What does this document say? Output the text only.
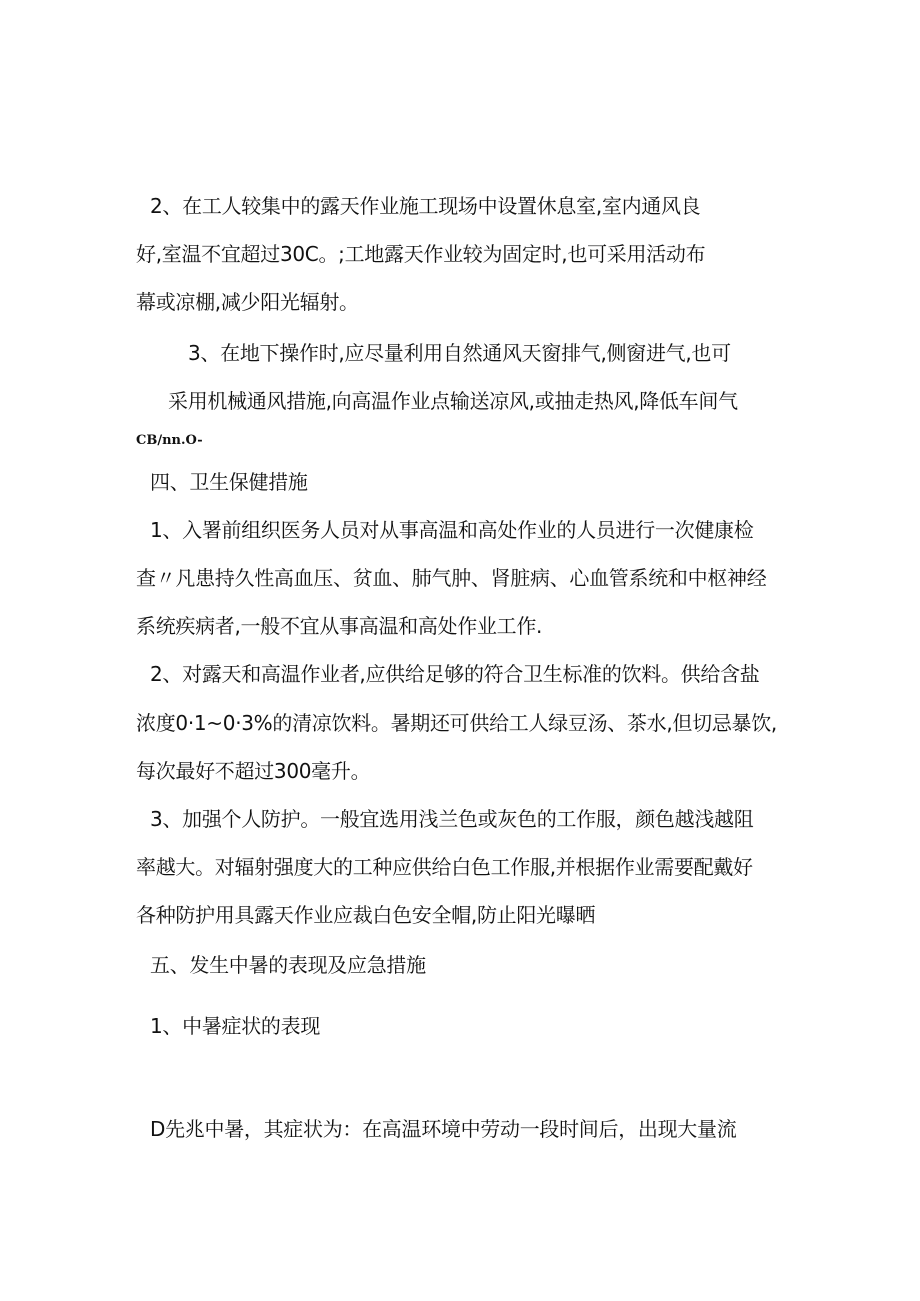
2、在工人较集中的露天作业施工现场中设置休息室,室内通风良
好,室温不宜超过30C。;工地露天作业较为固定时,也可采用活动布
幕或凉棚,减少阳光辐射。
3、在地下操作时,应尽量利用自然通风天窗排气,侧窗进气,也可
采用机械通风措施,向高温作业点输送凉风,或抽走热风,降低车间气
CB∕nn.O-
四、卫生保健措施
1、入署前组织医务人员对从事高温和高处作业的人员进行一次健康检
查〃凡患持久性高血压、贫血、肺气肿、肾脏病、心血管系统和中枢神经
系统疾病者,一般不宜从事高温和高处作业工作.
2、对露天和高温作业者,应供给足够的符合卫生标准的饮料。供给含盐
浓度0·1~0·3%的清凉饮料。暑期还可供给工人绿豆汤、茶水,但切忌暴饮,
每次最好不超过300毫升。
3、加强个人防护。一般宜选用浅兰色或灰色的工作服，颜色越浅越阻
率越大。对辐射强度大的工种应供给白色工作服,并根据作业需要配戴好
各种防护用具露天作业应裁白色安全帽,防止阳光曝晒
五、发生中暑的表现及应急措施
1、中暑症状的表现
D先兆中暑，其症状为：在高温环境中劳动一段时间后，出现大量流
